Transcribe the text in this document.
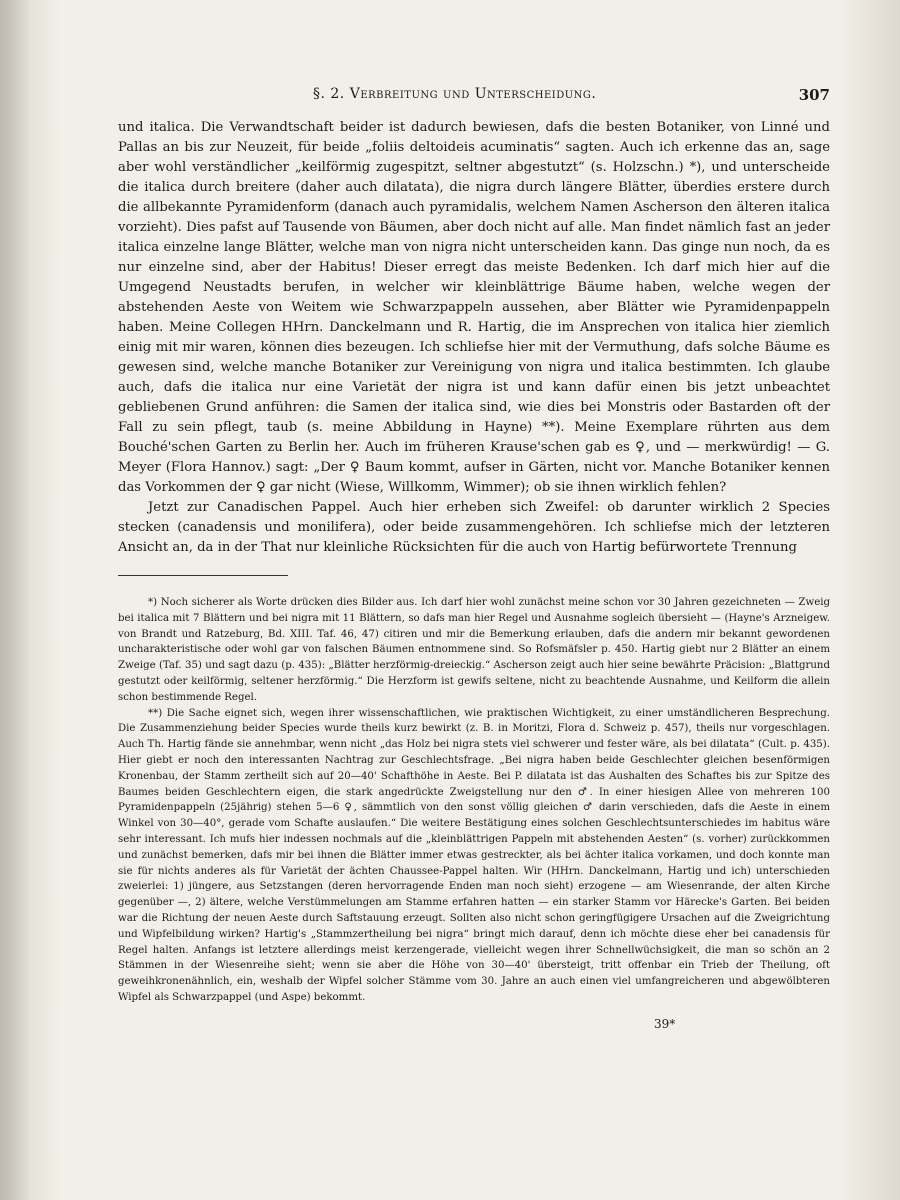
§. 2. Verbreitung und Unterscheidung.	307

und italica. Die Verwandtschaft beider ist dadurch bewiesen, dafs die besten Botaniker, von Linné und Pallas an bis zur Neuzeit, für beide „foliis deltoideis acuminatis“ sagten. Auch ich erkenne das an, sage aber wohl verständlicher „keilförmig zugespitzt, seltner abgestutzt“ (s. Holzschn.) *), und unterscheide die italica durch breitere (daher auch dilatata), die nigra durch längere Blätter, überdies erstere durch die allbekannte Pyramidenform (danach auch pyramidalis, welchem Namen Ascherson den älteren italica vorzieht). Dies pafst auf Tausende von Bäumen, aber doch nicht auf alle. Man findet nämlich fast an jeder italica einzelne lange Blätter, welche man von nigra nicht unterscheiden kann. Das ginge nun noch, da es nur einzelne sind, aber der Habitus! Dieser erregt das meiste Bedenken. Ich darf mich hier auf die Umgegend Neustadts berufen, in welcher wir kleinblättrige Bäume haben, welche wegen der abstehenden Aeste von Weitem wie Schwarzpappeln aussehen, aber Blätter wie Pyramidenpappeln haben. Meine Collegen HHrn. Danckelmann und R. Hartig, die im Ansprechen von italica hier ziemlich einig mit mir waren, können dies bezeugen. Ich schliefse hier mit der Vermuthung, dafs solche Bäume es gewesen sind, welche manche Botaniker zur Vereinigung von nigra und italica bestimmten. Ich glaube auch, dafs die italica nur eine Varietät der nigra ist und kann dafür einen bis jetzt unbeachtet gebliebenen Grund anführen: die Samen der italica sind, wie dies bei Monstris oder Bastarden oft der Fall zu sein pflegt, taub (s. meine Abbildung in Hayne) **). Meine Exemplare rührten aus dem Bouché'schen Garten zu Berlin her. Auch im früheren Krause'schen gab es ♀, und — merkwürdig! — G. Meyer (Flora Hannov.) sagt: „Der ♀ Baum kommt, aufser in Gärten, nicht vor. Manche Botaniker kennen das Vorkommen der ♀ gar nicht (Wiese, Willkomm, Wimmer); ob sie ihnen wirklich fehlen?

Jetzt zur Canadischen Pappel. Auch hier erheben sich Zweifel: ob darunter wirklich 2 Species stecken (canadensis und monilifera), oder beide zusammengehören. Ich schliefse mich der letzteren Ansicht an, da in der That nur kleinliche Rücksichten für die auch von Hartig befürwortete Trennung

*) Noch sicherer als Worte drücken dies Bilder aus. Ich darf hier wohl zunächst meine schon vor 30 Jahren gezeichneten — Zweig bei italica mit 7 Blättern und bei nigra mit 11 Blättern, so dafs man hier Regel und Ausnahme sogleich übersieht — (Hayne's Arzneigew. von Brandt und Ratzeburg, Bd. XIII. Taf. 46, 47) citiren und mir die Bemerkung erlauben, dafs die andern mir bekannt gewordenen uncharakteristische oder wohl gar von falschen Bäumen entnommene sind. So Rofsmäfsler p. 450. Hartig giebt nur 2 Blätter an einem Zweige (Taf. 35) und sagt dazu (p. 435): „Blätter herzförmig-dreieckig.“ Ascherson zeigt auch hier seine bewährte Präcision: „Blattgrund gestutzt oder keilförmig, seltener herzförmig.“ Die Herzform ist gewifs seltene, nicht zu beachtende Ausnahme, und Keilform die allein schon bestimmende Regel.

**) Die Sache eignet sich, wegen ihrer wissenschaftlichen, wie praktischen Wichtigkeit, zu einer umständlicheren Besprechung. Die Zusammenziehung beider Species wurde theils kurz bewirkt (z. B. in Moritzi, Flora d. Schweiz p. 457), theils nur vorgeschlagen. Auch Th. Hartig fände sie annehmbar, wenn nicht „das Holz bei nigra stets viel schwerer und fester wäre, als bei dilatata“ (Cult. p. 435). Hier giebt er noch den interessanten Nachtrag zur Geschlechtsfrage. „Bei nigra haben beide Geschlechter gleichen besenförmigen Kronenbau, der Stamm zertheilt sich auf 20—40' Schafthöhe in Aeste. Bei P. dilatata ist das Aushalten des Schaftes bis zur Spitze des Baumes beiden Geschlechtern eigen, die stark angedrückte Zweigstellung nur den ♂. In einer hiesigen Allee von mehreren 100 Pyramidenpappeln (25jährig) stehen 5—6 ♀, sämmtlich von den sonst völlig gleichen ♂ darin verschieden, dafs die Aeste in einem Winkel von 30—40°, gerade vom Schafte auslaufen.“ Die weitere Bestätigung eines solchen Geschlechtsunterschiedes im habitus wäre sehr interessant. Ich mufs hier indessen nochmals auf die „kleinblättrigen Pappeln mit abstehenden Aesten“ (s. vorher) zurückkommen und zunächst bemerken, dafs mir bei ihnen die Blätter immer etwas gestreckter, als bei ächter italica vorkamen, und doch konnte man sie für nichts anderes als für Varietät der ächten Chaussee-Pappel halten. Wir (HHrn. Danckelmann, Hartig und ich) unterschieden zweierlei: 1) jüngere, aus Setzstangen (deren hervorragende Enden man noch sieht) erzogene — am Wiesenrande, der alten Kirche gegenüber —, 2) ältere, welche Verstümmelungen am Stamme erfahren hatten — ein starker Stamm vor Härecke's Garten. Bei beiden war die Richtung der neuen Aeste durch Saftstauung erzeugt. Sollten also nicht schon geringfügigere Ursachen auf die Zweigrichtung und Wipfelbildung wirken? Hartig's „Stammzertheilung bei nigra“ bringt mich darauf, denn ich möchte diese eher bei canadensis für Regel halten. Anfangs ist letztere allerdings meist kerzengerade, vielleicht wegen ihrer Schnellwüchsigkeit, die man so schön an 2 Stämmen in der Wiesenreihe sieht; wenn sie aber die Höhe von 30—40' übersteigt, tritt offenbar ein Trieb der Theilung, oft geweihkronenähnlich, ein, weshalb der Wipfel solcher Stämme vom 30. Jahre an auch einen viel umfangreicheren und abgewölbteren Wipfel als Schwarzpappel (und Aspe) bekommt.

39*
